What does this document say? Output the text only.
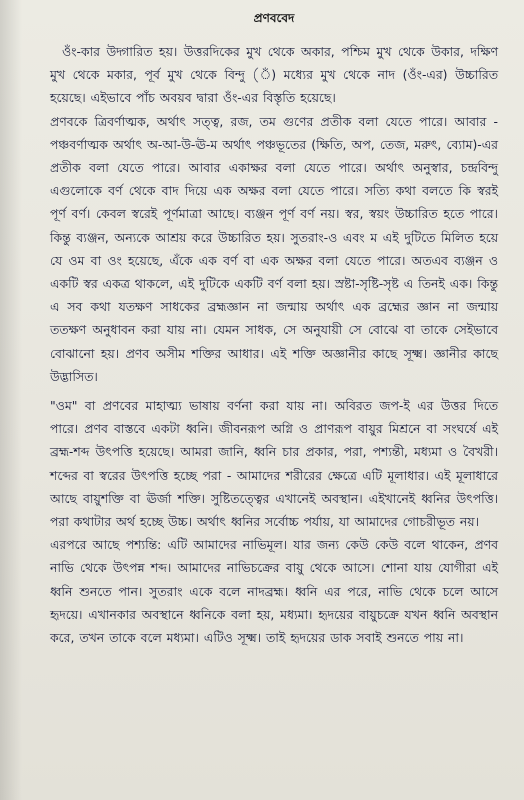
প্রণববেদ

ওঁং-কার উদ্গারিত হয়। উত্তরদিকের মুখ থেকে অকার, পশ্চিম মুখ থেকে উকার, দক্ষিণ মুখ থেকে মকার, পূর্ব মুখ থেকে বিন্দু (ঁ) মধ্যের মুখ থেকে নাদ (ওঁং-এর) উচ্চারিত হয়েছে। এইভাবে পাঁচ অবয়ব দ্বারা ওঁং-এর বিস্তৃতি হয়েছে।

প্রণবকে ত্রিবর্ণাত্মক, অর্থাৎ সত্ত্ব, রজ, তম গুণের প্রতীক বলা যেতে পারে। আবার - পঞ্চবর্ণাত্মক অর্থাৎ অ-আ-উ-ঊ-ম অর্থাৎ পঞ্চভূতের (ক্ষিতি, অপ, তেজ, মরুৎ, ব্যোম)-এর প্রতীক বলা যেতে পারে। আবার একাক্ষর বলা যেতে পারে। অর্থাৎ অনুস্বার, চন্দ্রবিন্দু এগুলোকে বর্ণ থেকে বাদ দিয়ে এক অক্ষর বলা যেতে পারে। সত্যি কথা বলতে কি স্বরই পূর্ণ বর্ণ। কেবল স্বরেই পূর্ণমাত্রা আছে। ব্যঞ্জন পূর্ণ বর্ণ নয়। স্বর, স্বয়ং উচ্চারিত হতে পারে। কিন্তু ব্যঞ্জন, অন্যকে আশ্রয় করে উচ্চারিত হয়। সুতরাং-ও এবং ম এই দুটিতে মিলিত হয়ে যে ওম বা ওং হয়েছে, এঁকে এক বর্ণ বা এক অক্ষর বলা যেতে পারে। অতএব ব্যঞ্জন ও একটি স্বর একত্র থাকলে, এই দুটিকে একটি বর্ণ বলা হয়। স্রষ্টা-সৃষ্টি-সৃষ্ট এ তিনই এক। কিন্তু এ সব কথা যতক্ষণ সাধকের ব্রহ্মজ্ঞান না জন্মায় অর্থাৎ এক ব্রহ্মের জ্ঞান না জন্মায় ততক্ষণ অনুধাবন করা যায় না। যেমন সাধক, সে অনুযায়ী সে বোঝে বা তাকে সেইভাবে বোঝানো হয়। প্রণব অসীম শক্তির আধার। এই শক্তি অজ্ঞানীর কাছে সূক্ষ্ম। জ্ঞানীর কাছে উদ্ভাসিত।

"ওম" বা প্রণবের মাহাত্ম্য ভাষায় বর্ণনা করা যায় না। অবিরত জপ-ই এর উত্তর দিতে পারে। প্রণব বাস্তবে একটা ধ্বনি। জীবনরূপ অগ্নি ও প্রাণরূপ বায়ুর মিশ্রনে বা সংঘর্ষে এই ব্রহ্ম-শব্দ উৎপত্তি হয়েছে। আমরা জানি, ধ্বনি চার প্রকার, পরা, পশ্যন্তী, মধ্যমা ও বৈখরী। শব্দের বা স্বরের উৎপত্তি হচ্ছে পরা - আমাদের শরীরের ক্ষেত্রে এটি মূলাধার। এই মূলাধারে আছে বায়ুশক্তি বা ঊর্জা শক্তি। সুষ্টিতত্ত্বের এখানেই অবস্থান। এইখানেই ধ্বনির উৎপত্তি। পরা কথাটার অর্থ হচ্ছে উচ্চ। অর্থাৎ ধ্বনির সর্বোচ্চ পর্যায়, যা আমাদের গোচরীভূত নয়।

এরপরে আছে পশ্যন্তি: এটি আমাদের নাভিমূল। যার জন্য কেউ কেউ বলে থাকেন, প্রণব নাভি থেকে উৎপন্ন শব্দ। আমাদের নাভিচক্রের বায়ু থেকে আসে। শোনা যায় যোগীরা এই ধ্বনি শুনতে পান। সুতরাং একে বলে নাদব্রহ্ম। ধ্বনি এর পরে, নাভি থেকে চলে আসে হৃদয়ে। এখানকার অবস্থানে ধ্বনিকে বলা হয়, মধ্যমা। হৃদয়ের বায়ুচক্রে যখন ধ্বনি অবস্থান করে, তখন তাকে বলে মধ্যমা। এটিও সূক্ষ্ম। তাই হৃদয়ের ডাক সবাই শুনতে পায় না।
